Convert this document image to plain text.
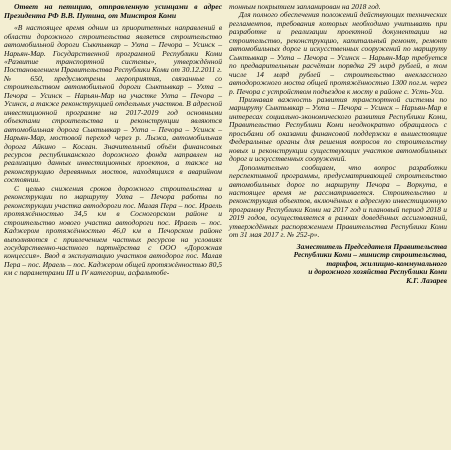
Ответ на петицию, отправленную усинцами в адрес Президента РФ В.В. Путина, от Минстроя Коми

«В настоящее время одним из приоритетных направлений в области дорожного строительства является строительство автомобильной дороги Сыктывкар – Ухта – Печора – Усинск – Нарьян-Мар. Государственной программой Республики Коми «Развитие транспортной системы», утверждённой Постановлением Правительства Республики Коми от 30.12.2011 г. № 650, предусмотрены мероприятия, связанные со строительством автомобильной дороги Сыктывкар – Ухта – Печора – Усинск – Нарьян-Мар на участке Ухта – Печора – Усинск, а также реконструкцией отдельных участков. В адресной инвестиционной программе на 2017-2019 год основными объектами строительства и реконструкции являются автомобильная дорога Сыктывкар – Ухта – Печора – Усинск – Нарьян-Мар, мостовой переход через р. Лыжа, автомобильная дорога Айкино – Кослан. Значительный объём финансовых ресурсов республиканского дорожного фонда направлен на реализацию данных инвестиционных проектов, а также на реконструкцию деревянных мостов, находящихся в аварийном состоянии.

С целью снижения сроков дорожного строительства и реконструкции по маршруту Ухта – Печора работы по реконструкции участка автодороги пос. Малая Пера – пос. Ираель протяжённостью 34,5 км в Сосногорском районе и строительство нового участка автодороги пос. Ираель – пос. Каджером протяжённостью 46,0 км в Печорском районе выполняются с привлечением частных ресурсов на условиях государственно-частного партнёрства с ООО «Дорожная концессия». Ввод в эксплуатацию участков автодорог пос. Малая Пера – пос. Ираель – пос. Каджером общей протяжённостью 80,5 км с параметрами III и IV категории, асфальтобе-

тонным покрытием запланирован на 2018 год.

Для полного обеспечения положений действующих технических регламентов, требования которых необходимо учитывать при разработке и реализации проектной документации на строительство, реконструкцию, капитальный ремонт, ремонт автомобильных дорог и искусственных сооружений по маршруту Сыктывкар – Ухта – Печора – Усинск – Нарьян-Мар требуется по предварительным расчётам порядка 29 млрд рублей, в том числе 14 млрд рублей – строительство внеклассного автодорожного моста общей протяжённостью 1300 пог.м. через р. Печора с устройством подъездов к мосту в районе с. Усть-Уса.

Признавая важность развития транспортной системы по маршруту Сыктывкар – Ухта – Печора – Усинск – Нарьян-Мар в интересах социально-экономического развития Республики Коми, Правительство Республики Коми неоднократно обращалось с просьбами об оказании финансовой поддержки в вышестоящие Федеральные органы для решения вопросов по строительству новых и реконструкции существующих участков автомобильных дорог и искусственных сооружений.

Дополнительно сообщаем, что вопрос разработки перспективной программы, предусматривающей строительство автомобильных дорог по маршруту Печора – Воркута, в настоящее время не рассматривается. Строительство и реконструкция объектов, включённых в адресную инвестиционную программу Республики Коми на 2017 год и плановый период 2018 и 2019 годов, осуществляется в рамках доведённых ассигнований, утверждённых распоряжением Правительства Республики Коми от 31 мая 2017 г. № 252-р».

Заместитель Председателя Правительства
Республики Коми – министр строительства,
тарифов, жилищно-коммунального
и дорожного хозяйства Республики Коми
К.Г. Лазарев
